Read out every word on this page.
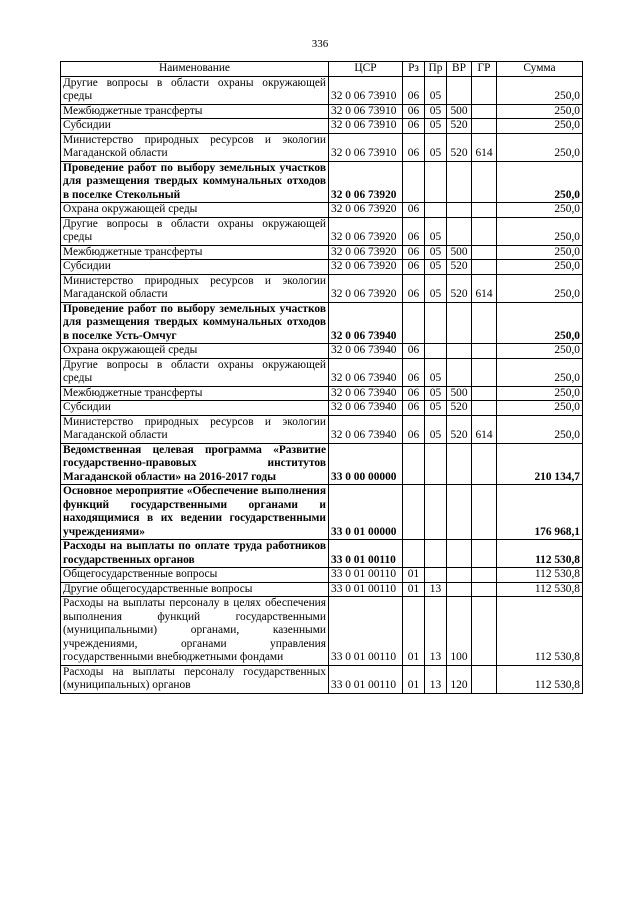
336
Наименование	ЦСР	Рз	Пр	ВР	ГР	Сумма
Другие вопросы в области охраны окружающей среды	32 0 06 73910	06	05			250,0
Межбюджетные трансферты	32 0 06 73910	06	05	500		250,0
Субсидии	32 0 06 73910	06	05	520		250,0
Министерство природных ресурсов и экологии Магаданской области	32 0 06 73910	06	05	520	614	250,0
Проведение работ по выбору земельных участков для размещения твердых коммунальных отходов в поселке Стекольный	32 0 06 73920					250,0
Охрана окружающей среды	32 0 06 73920	06				250,0
Другие вопросы в области охраны окружающей среды	32 0 06 73920	06	05			250,0
Межбюджетные трансферты	32 0 06 73920	06	05	500		250,0
Субсидии	32 0 06 73920	06	05	520		250,0
Министерство природных ресурсов и экологии Магаданской области	32 0 06 73920	06	05	520	614	250,0
Проведение работ по выбору земельных участков для размещения твердых коммунальных отходов в поселке Усть-Омчуг	32 0 06 73940					250,0
Охрана окружающей среды	32 0 06 73940	06				250,0
Другие вопросы в области охраны окружающей среды	32 0 06 73940	06	05			250,0
Межбюджетные трансферты	32 0 06 73940	06	05	500		250,0
Субсидии	32 0 06 73940	06	05	520		250,0
Министерство природных ресурсов и экологии Магаданской области	32 0 06 73940	06	05	520	614	250,0
Ведомственная целевая программа «Развитие государственно-правовых институтов Магаданской области» на 2016-2017 годы	33 0 00 00000					210 134,7
Основное мероприятие «Обеспечение выполнения функций государственными органами и находящимися в их ведении государственными учреждениями»	33 0 01 00000					176 968,1
Расходы на выплаты по оплате труда работников государственных органов	33 0 01 00110					112 530,8
Общегосударственные вопросы	33 0 01 00110	01				112 530,8
Другие общегосударственные вопросы	33 0 01 00110	01	13			112 530,8
Расходы на выплаты персоналу в целях обеспечения выполнения функций государственными (муниципальными) органами, казенными учреждениями, органами управления государственными внебюджетными фондами	33 0 01 00110	01	13	100		112 530,8
Расходы на выплаты персоналу государственных (муниципальных) органов	33 0 01 00110	01	13	120		112 530,8
